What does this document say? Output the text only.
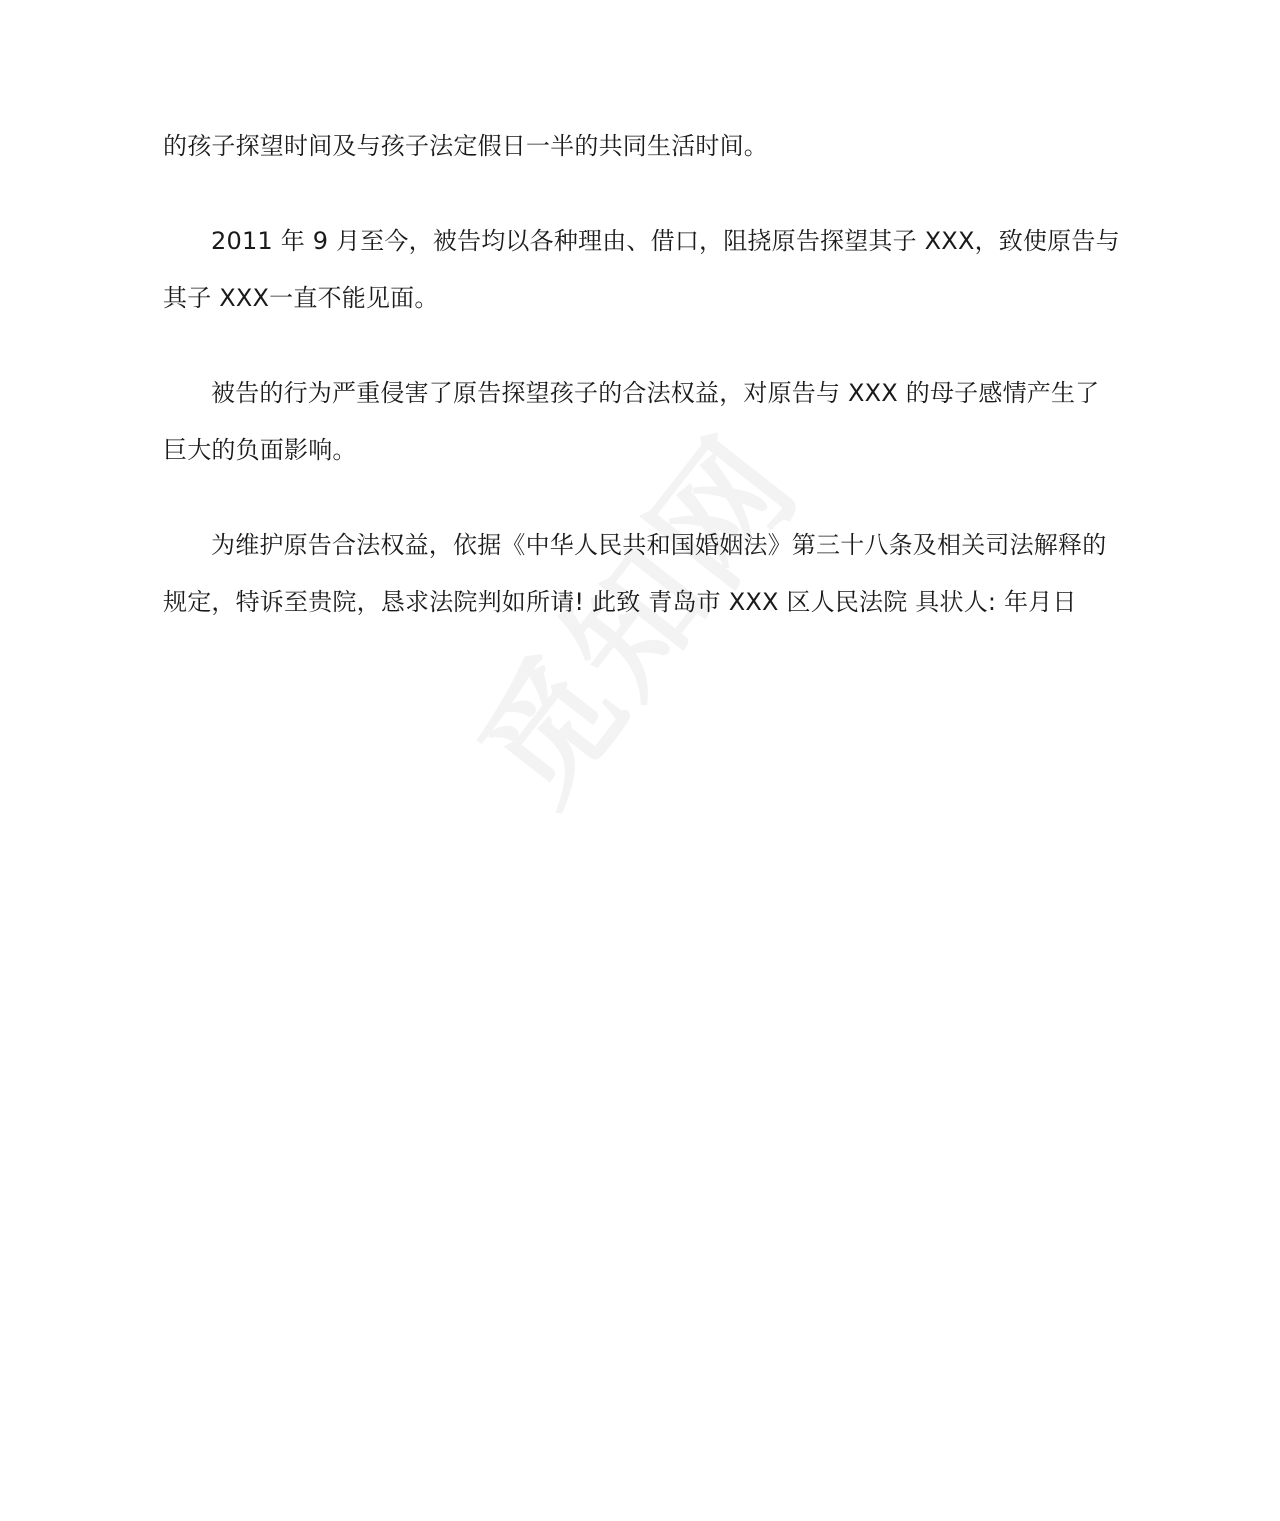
的孩子探望时间及与孩子法定假日一半的共同生活时间。

2011 年 9 月至今，被告均以各种理由、借口，阻挠原告探望其子 XXX，致使原告与其子 XXX一直不能见面。

被告的行为严重侵害了原告探望孩子的合法权益，对原告与 XXX 的母子感情产生了巨大的负面影响。

为维护原告合法权益，依据《中华人民共和国婚姻法》第三十八条及相关司法解释的规定，特诉至贵院，恳求法院判如所请! 此致 青岛市 XXX 区人民法院 具状人: 年月日
